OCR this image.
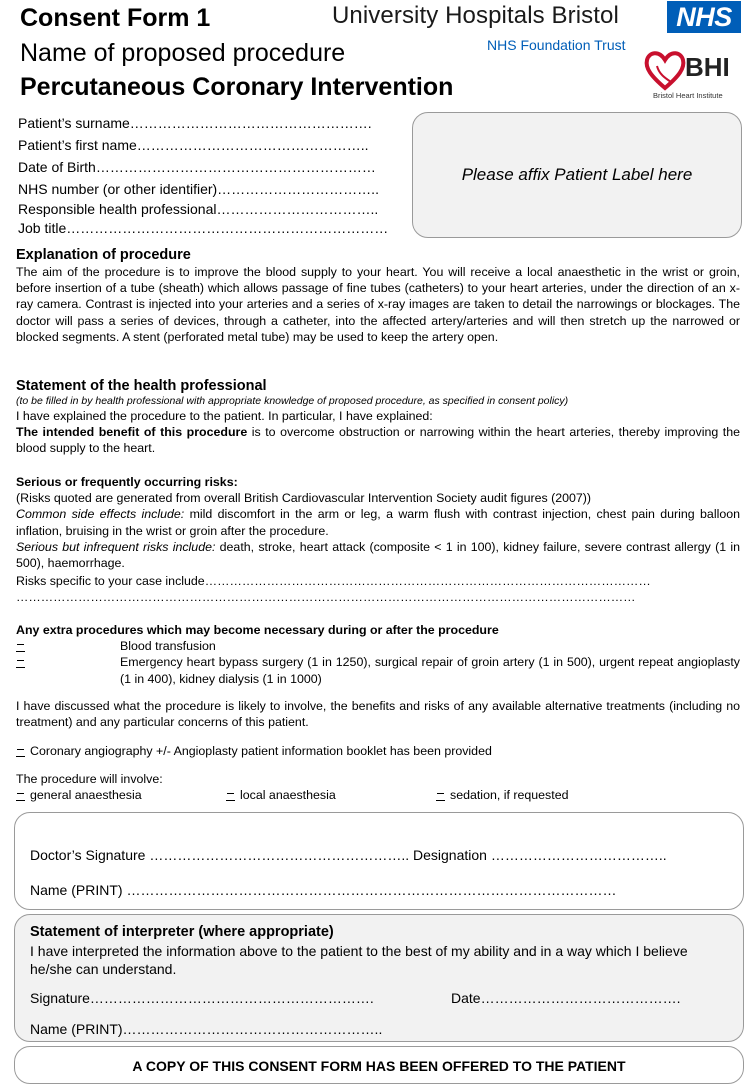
Consent Form 1
Name of proposed procedure
Percutaneous Coronary Intervention
University Hospitals Bristol
NHS Foundation Trust
NHS
BHI
Bristol Heart Institute
Patient’s surname…………………………………………….
Patient’s first name…………………………………………..
Date of Birth……………………………………………………
NHS number (or other identifier)……………………………..
Responsible health professional……………………………..
Job title……………………………………………………………
Please affix Patient Label here
Explanation of procedure
The aim of the procedure is to improve the blood supply to your heart. You will receive a local anaesthetic in the wrist or groin, before insertion of a tube (sheath) which allows passage of fine tubes (catheters) to your heart arteries, under the direction of an x-ray camera. Contrast is injected into your arteries and a series of x-ray images are taken to detail the narrowings or blockages. The doctor will pass a series of devices, through a catheter, into the affected artery/arteries and will then stretch up the narrowed or blocked segments. A stent (perforated metal tube) may be used to keep the artery open.
Statement of the health professional
(to be filled in by health professional with appropriate knowledge of proposed procedure, as specified in consent policy)
I have explained the procedure to the patient. In particular, I have explained:
The intended benefit of this procedure is to overcome obstruction or narrowing within the heart arteries, thereby improving the blood supply to the heart.
Serious or frequently occurring risks:
(Risks quoted are generated from overall British Cardiovascular Intervention Society audit figures (2007))
Common side effects include: mild discomfort in the arm or leg, a warm flush with contrast injection, chest pain during balloon inflation, bruising in the wrist or groin after the procedure.
Serious but infrequent risks include: death, stroke, heart attack (composite < 1 in 100), kidney failure, severe contrast allergy (1 in 500), haemorrhage.
Risks specific to your case include………………………………………………………………………………………………
……………………………………………………………………………………………………………………………………
Any extra procedures which may become necessary during or after the procedure
Blood transfusion
Emergency heart bypass surgery (1 in 1250), surgical repair of groin artery (1 in 500), urgent repeat angioplasty (1 in 400), kidney dialysis (1 in 1000)
I have discussed what the procedure is likely to involve, the benefits and risks of any available alternative treatments (including no treatment) and any particular concerns of this patient.
Coronary angiography +/- Angioplasty patient information booklet has been provided
The procedure will involve:
general anaesthesia	local anaesthesia	sedation, if requested
Doctor’s Signature ……………………………………………….. Designation ………………………………..
Name (PRINT) ……………………………………………………………………………………………
Statement of interpreter (where appropriate)
I have interpreted the information above to the patient to the best of my ability and in a way which I believe he/she can understand.
Signature…………………………………………………….	Date…………………………………….
Name (PRINT)………………………………………………..
A COPY OF THIS CONSENT FORM HAS BEEN OFFERED TO THE PATIENT
